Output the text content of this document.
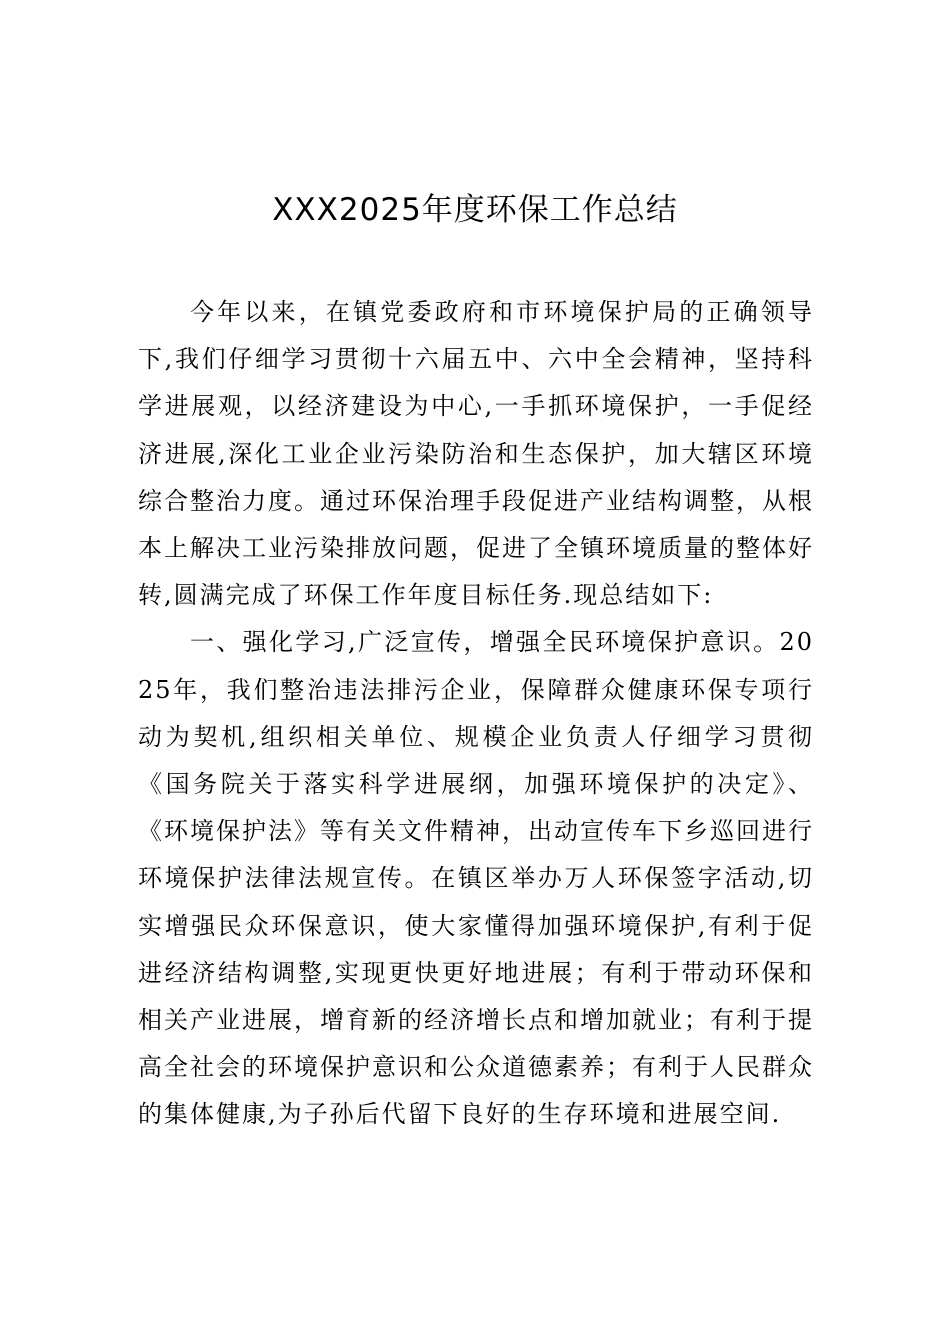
XXX2025年度环保工作总结

今年以来，在镇党委政府和市环境保护局的正确领导下,我们仔细学习贯彻十六届五中、六中全会精神，坚持科学进展观，以经济建设为中心,一手抓环境保护，一手促经济进展,深化工业企业污染防治和生态保护，加大辖区环境综合整治力度。通过环保治理手段促进产业结构调整，从根本上解决工业污染排放问题，促进了全镇环境质量的整体好转,圆满完成了环保工作年度目标任务.现总结如下:

一、强化学习,广泛宣传，增强全民环境保护意识。2025年，我们整治违法排污企业，保障群众健康环保专项行动为契机,组织相关单位、规模企业负责人仔细学习贯彻《国务院关于落实科学进展纲，加强环境保护的决定》、《环境保护法》等有关文件精神，出动宣传车下乡巡回进行环境保护法律法规宣传。在镇区举办万人环保签字活动,切实增强民众环保意识，使大家懂得加强环境保护,有利于促进经济结构调整,实现更快更好地进展；有利于带动环保和相关产业进展，增育新的经济增长点和增加就业；有利于提高全社会的环境保护意识和公众道德素养；有利于人民群众的集体健康,为子孙后代留下良好的生存环境和进展空间.
